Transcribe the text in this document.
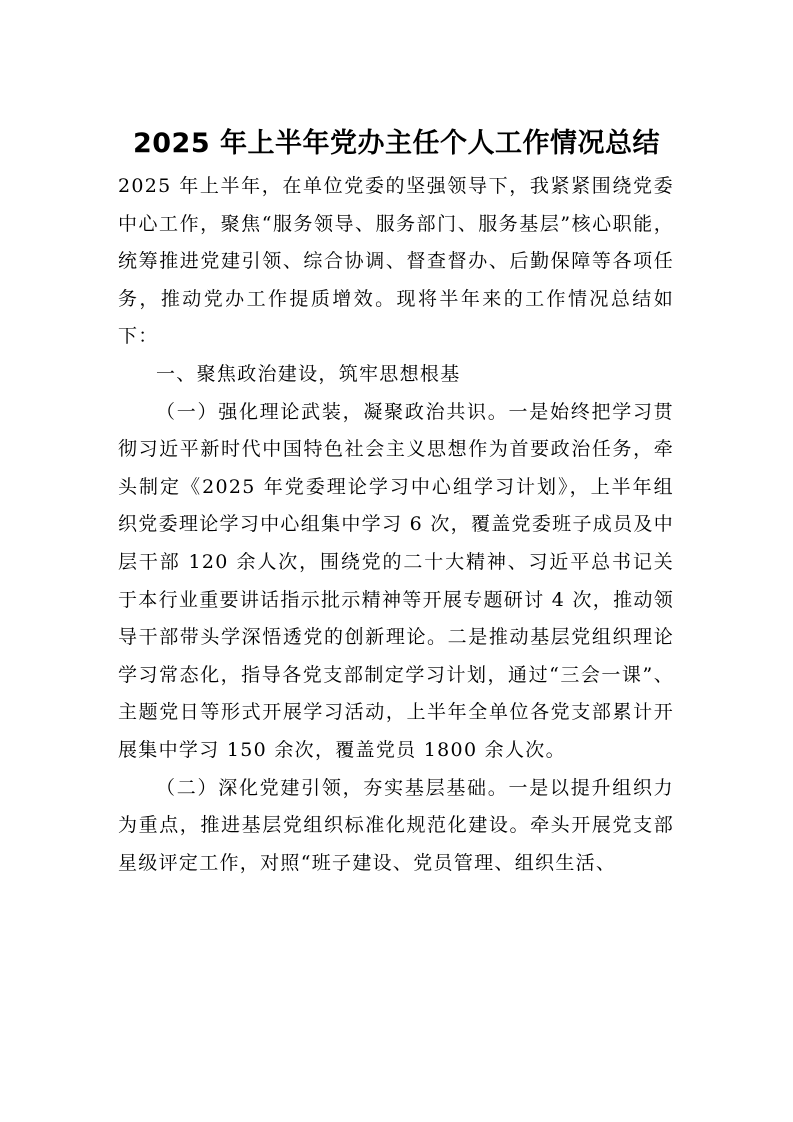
2025 年上半年党办主任个人工作情况总结

2025 年上半年，在单位党委的坚强领导下，我紧紧围绕党委中心工作，聚焦“服务领导、服务部门、服务基层”核心职能，统筹推进党建引领、综合协调、督查督办、后勤保障等各项任务，推动党办工作提质增效。现将半年来的工作情况总结如下：

一、聚焦政治建设，筑牢思想根基

（一）强化理论武装，凝聚政治共识。一是始终把学习贯彻习近平新时代中国特色社会主义思想作为首要政治任务，牵头制定《2025 年党委理论学习中心组学习计划》，上半年组织党委理论学习中心组集中学习 6 次，覆盖党委班子成员及中层干部 120 余人次，围绕党的二十大精神、习近平总书记关于本行业重要讲话指示批示精神等开展专题研讨 4 次，推动领导干部带头学深悟透党的创新理论。二是推动基层党组织理论学习常态化，指导各党支部制定学习计划，通过“三会一课”、主题党日等形式开展学习活动，上半年全单位各党支部累计开展集中学习 150 余次，覆盖党员 1800 余人次。

（二）深化党建引领，夯实基层基础。一是以提升组织力为重点，推进基层党组织标准化规范化建设。牵头开展党支部星级评定工作，对照“班子建设、党员管理、组织生活、
